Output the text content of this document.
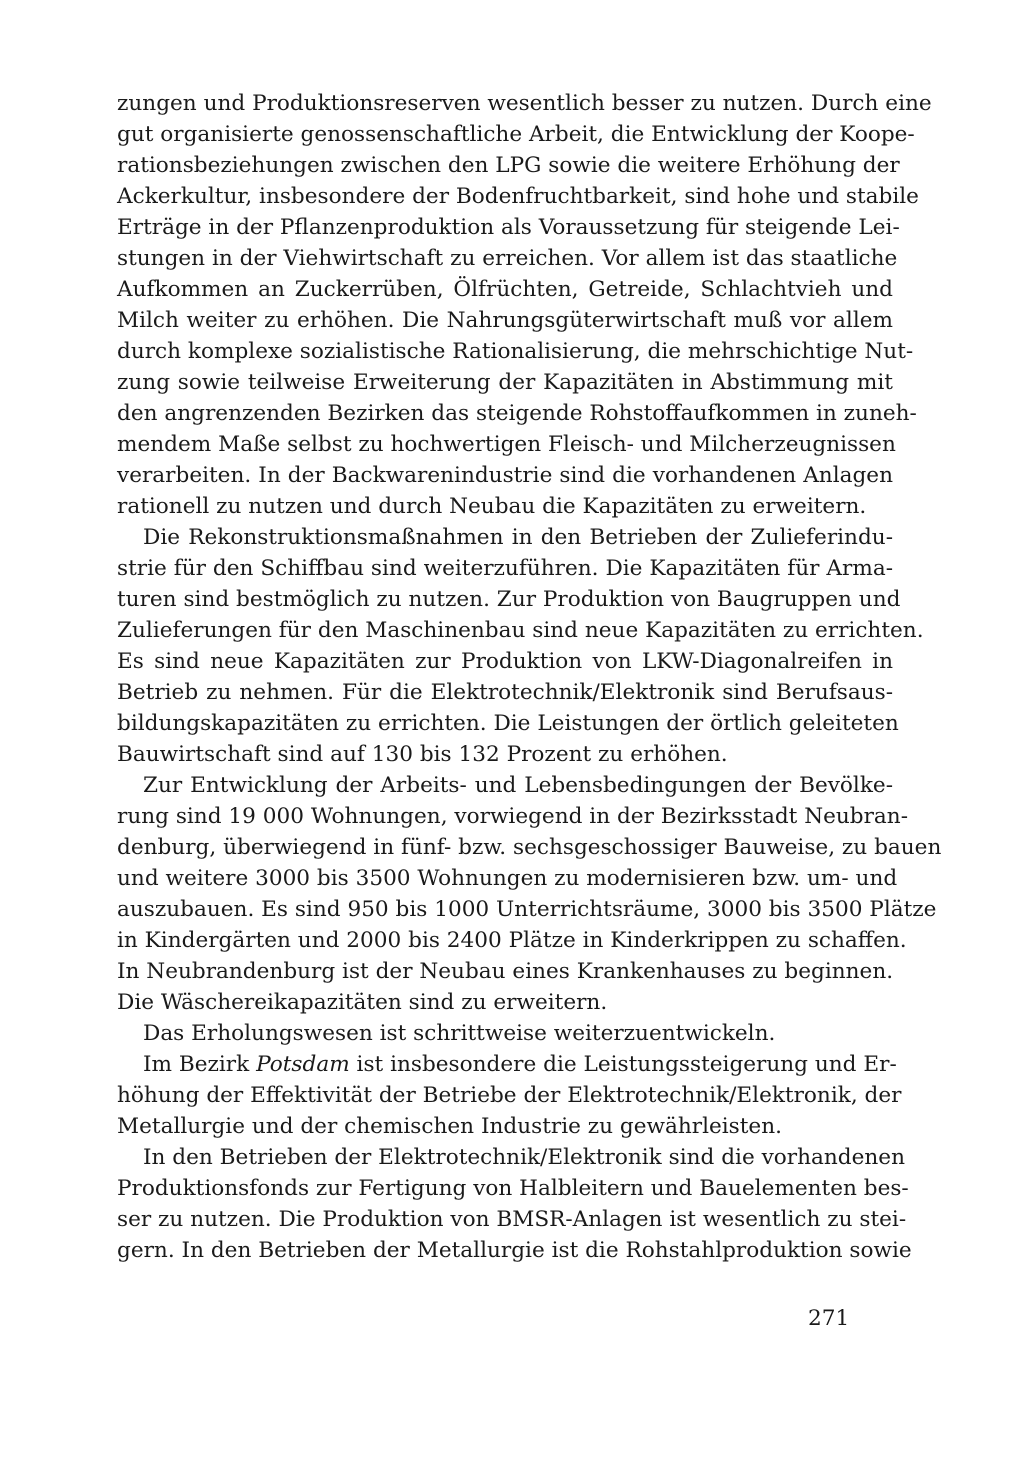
zungen und Produktionsreserven wesentlich besser zu nutzen. Durch eine
gut organisierte genossenschaftliche Arbeit, die Entwicklung der Koope-
rationsbeziehungen zwischen den LPG sowie die weitere Erhöhung der
Ackerkultur, insbesondere der Bodenfruchtbarkeit, sind hohe und stabile
Erträge in der Pflanzenproduktion als Voraussetzung für steigende Lei-
stungen in der Viehwirtschaft zu erreichen. Vor allem ist das staatliche
Aufkommen an Zuckerrüben, Ölfrüchten, Getreide, Schlachtvieh und
Milch weiter zu erhöhen. Die Nahrungsgüterwirtschaft muß vor allem
durch komplexe sozialistische Rationalisierung, die mehrschichtige Nut-
zung sowie teilweise Erweiterung der Kapazitäten in Abstimmung mit
den angrenzenden Bezirken das steigende Rohstoffaufkommen in zuneh-
mendem Maße selbst zu hochwertigen Fleisch- und Milcherzeugnissen
verarbeiten. In der Backwarenindustrie sind die vorhandenen Anlagen
rationell zu nutzen und durch Neubau die Kapazitäten zu erweitern.
Die Rekonstruktionsmaßnahmen in den Betrieben der Zulieferindu-
strie für den Schiffbau sind weiterzuführen. Die Kapazitäten für Arma-
turen sind bestmöglich zu nutzen. Zur Produktion von Baugruppen und
Zulieferungen für den Maschinenbau sind neue Kapazitäten zu errichten.
Es sind neue Kapazitäten zur Produktion von LKW-Diagonalreifen in
Betrieb zu nehmen. Für die Elektrotechnik/Elektronik sind Berufsaus-
bildungskapazitäten zu errichten. Die Leistungen der örtlich geleiteten
Bauwirtschaft sind auf 130 bis 132 Prozent zu erhöhen.
Zur Entwicklung der Arbeits- und Lebensbedingungen der Bevölke-
rung sind 19 000 Wohnungen, vorwiegend in der Bezirksstadt Neubran-
denburg, überwiegend in fünf- bzw. sechsgeschossiger Bauweise, zu bauen
und weitere 3000 bis 3500 Wohnungen zu modernisieren bzw. um- und
auszubauen. Es sind 950 bis 1000 Unterrichtsräume, 3000 bis 3500 Plätze
in Kindergärten und 2000 bis 2400 Plätze in Kinderkrippen zu schaffen.
In Neubrandenburg ist der Neubau eines Krankenhauses zu beginnen.
Die Wäschereikapazitäten sind zu erweitern.
Das Erholungswesen ist schrittweise weiterzuentwickeln.
Im Bezirk Potsdam ist insbesondere die Leistungssteigerung und Er-
höhung der Effektivität der Betriebe der Elektrotechnik/Elektronik, der
Metallurgie und der chemischen Industrie zu gewährleisten.
In den Betrieben der Elektrotechnik/Elektronik sind die vorhandenen
Produktionsfonds zur Fertigung von Halbleitern und Bauelementen bes-
ser zu nutzen. Die Produktion von BMSR-Anlagen ist wesentlich zu stei-
gern. In den Betrieben der Metallurgie ist die Rohstahlproduktion sowie
271
